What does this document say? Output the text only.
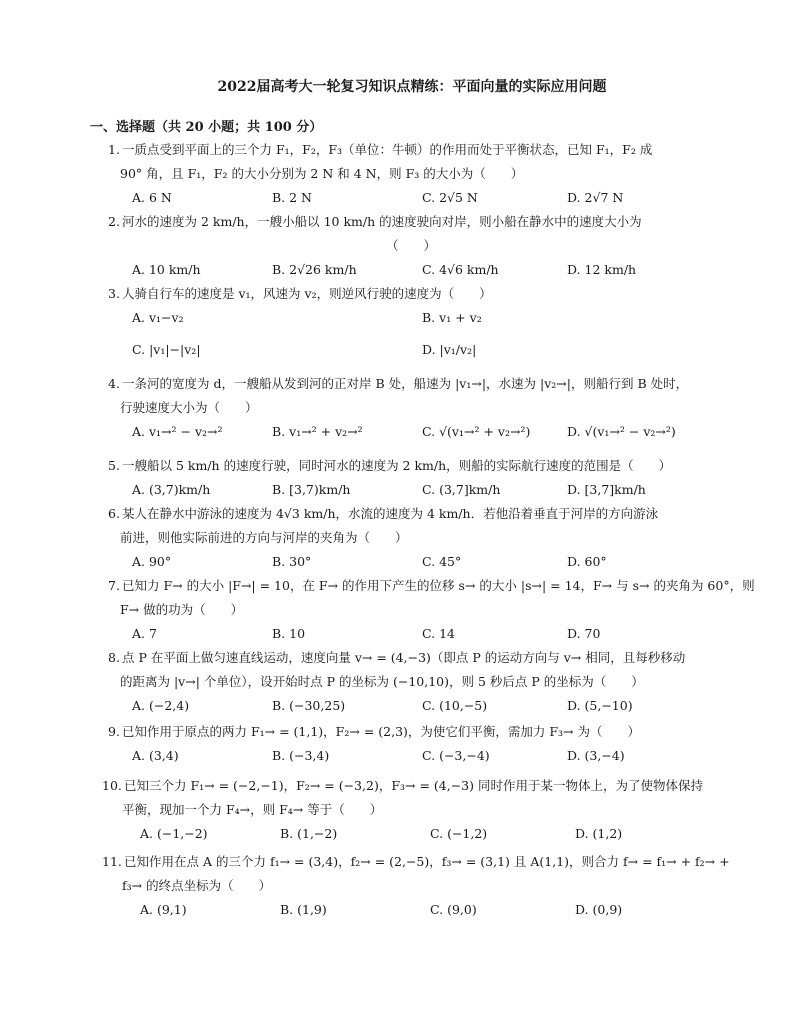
2022届高考大一轮复习知识点精练：平面向量的实际应用问题
一、选择题（共 20 小题；共 100 分）
1. 一质点受到平面上的三个力 F₁，F₂，F₃（单位：牛顿）的作用而处于平衡状态，已知 F₁，F₂ 成
90° 角，且 F₁，F₂ 的大小分别为 2 N 和 4 N，则 F₃ 的大小为（　　）
A. 6 N	B. 2 N	C. 2√5 N	D. 2√7 N
2. 河水的速度为 2 km/h，一艘小船以 10 km/h 的速度驶向对岸，则小船在静水中的速度大小为
（　　）
A. 10 km/h	B. 2√26 km/h	C. 4√6 km/h	D. 12 km/h
3. 人骑自行车的速度是 v₁，风速为 v₂，则逆风行驶的速度为（　　）
A. v₁−v₂	B. v₁ + v₂
C. |v₁|−|v₂|	D. |v₁/v₂|
4. 一条河的宽度为 d，一艘船从发到河的正对岸 B 处，船速为 |v₁→|，水速为 |v₂→|，则船行到 B 处时，
行驶速度大小为（　　）
A. v₁→² − v₂→²	B. v₁→² + v₂→²	C. √(v₁→² + v₂→²)	D. √(v₁→² − v₂→²)
5. 一艘船以 5 km/h 的速度行驶，同时河水的速度为 2 km/h，则船的实际航行速度的范围是（　　）
A. (3,7)km/h	B. [3,7)km/h	C. (3,7]km/h	D. [3,7]km/h
6. 某人在静水中游泳的速度为 4√3 km/h，水流的速度为 4 km/h．若他沿着垂直于河岸的方向游泳
前进，则他实际前进的方向与河岸的夹角为（　　）
A. 90°	B. 30°	C. 45°	D. 60°
7. 已知力 F→ 的大小 |F→| = 10，在 F→ 的作用下产生的位移 s→ 的大小 |s→| = 14，F→ 与 s→ 的夹角为 60°，则
F→ 做的功为（　　）
A. 7	B. 10	C. 14	D. 70
8. 点 P 在平面上做匀速直线运动，速度向量 v→ = (4,−3)（即点 P 的运动方向与 v→ 相同，且每秒移动
的距离为 |v→| 个单位），设开始时点 P 的坐标为 (−10,10)，则 5 秒后点 P 的坐标为（　　）
A. (−2,4)	B. (−30,25)	C. (10,−5)	D. (5,−10)
9. 已知作用于原点的两力 F₁→ = (1,1)，F₂→ = (2,3)，为使它们平衡，需加力 F₃→ 为（　　）
A. (3,4)	B. (−3,4)	C. (−3,−4)	D. (3,−4)
10. 已知三个力 F₁→ = (−2,−1)，F₂→ = (−3,2)，F₃→ = (4,−3) 同时作用于某一物体上，为了使物体保持
平衡，现加一个力 F₄→，则 F₄→ 等于（　　）
A. (−1,−2)	B. (1,−2)	C. (−1,2)	D. (1,2)
11. 已知作用在点 A 的三个力 f₁→ = (3,4)，f₂→ = (2,−5)，f₃→ = (3,1) 且 A(1,1)，则合力 f→ = f₁→ + f₂→ +
f₃→ 的终点坐标为（　　）
A. (9,1)	B. (1,9)	C. (9,0)	D. (0,9)
